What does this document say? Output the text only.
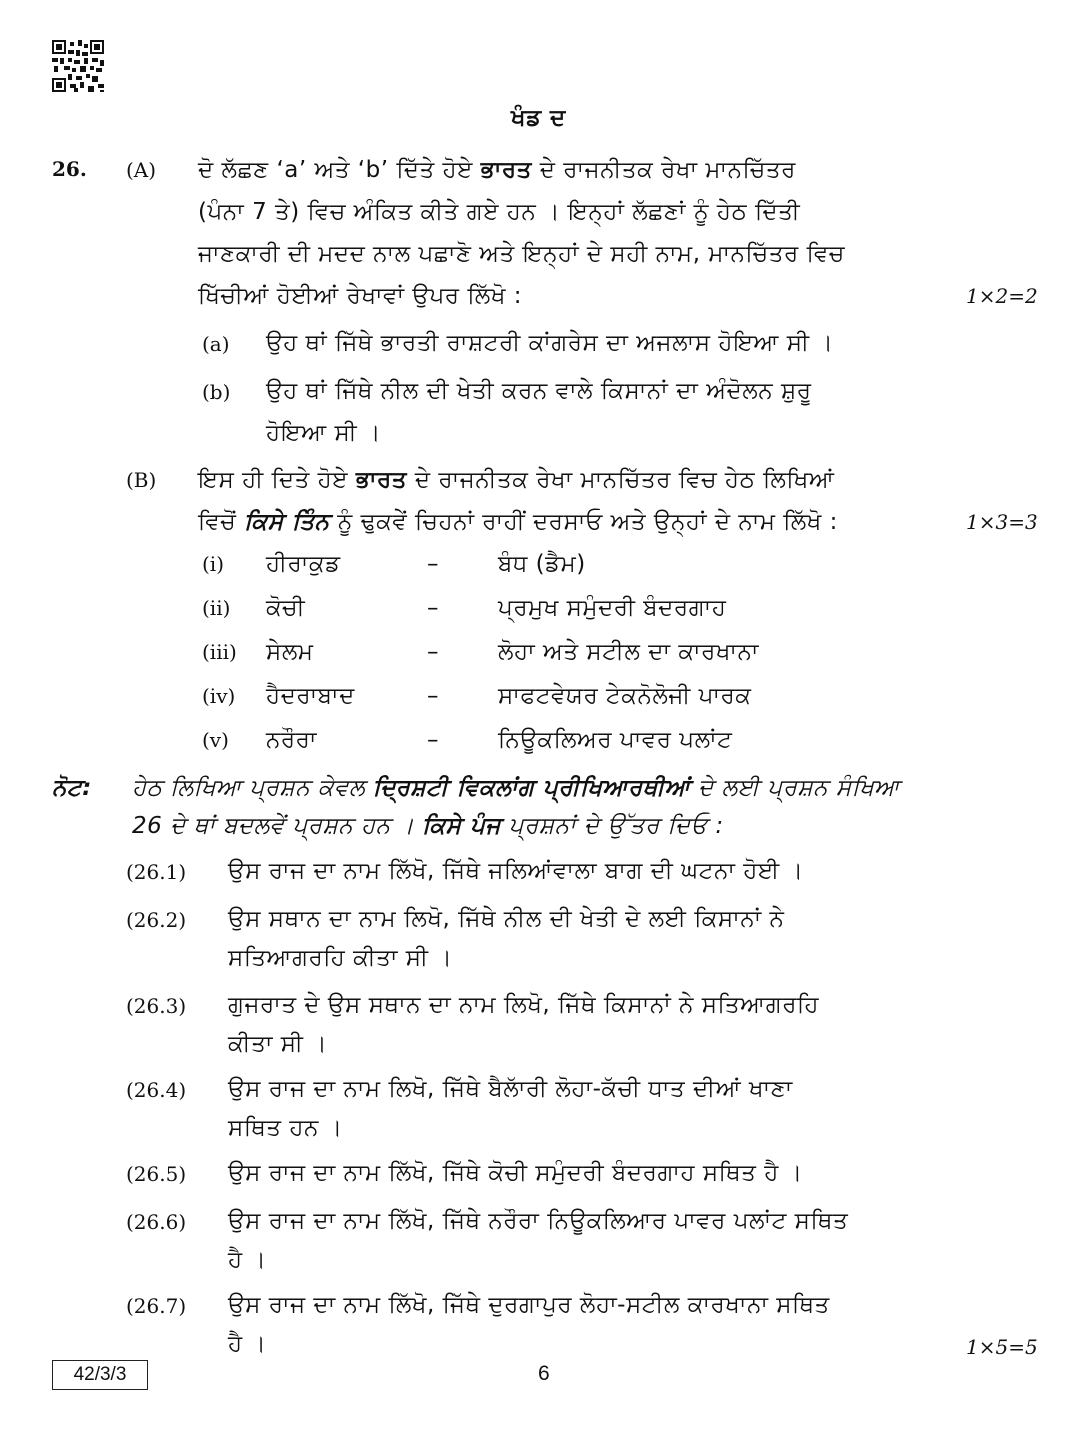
ਖੰਡ ਦ
26. (A) ਦੋ ਲੱਛਣ ‘a’ ਅਤੇ ‘b’ ਦਿੱਤੇ ਹੋਏ ਭਾਰਤ ਦੇ ਰਾਜਨੀਤਕ ਰੇਖਾ ਮਾਨਚਿੱਤਰ
(ਪੰਨਾ 7 ਤੇ) ਵਿਚ ਅੰਕਿਤ ਕੀਤੇ ਗਏ ਹਨ । ਇਨ੍ਹਾਂ ਲੱਛਣਾਂ ਨੂੰ ਹੇਠ ਦਿੱਤੀ
ਜਾਣਕਾਰੀ ਦੀ ਮਦਦ ਨਾਲ ਪਛਾਣੋ ਅਤੇ ਇਨ੍ਹਾਂ ਦੇ ਸਹੀ ਨਾਮ, ਮਾਨਚਿੱਤਰ ਵਿਚ
ਖਿੱਚੀਆਂ ਹੋਈਆਂ ਰੇਖਾਵਾਂ ਉਪਰ ਲਿੱਖੋ :	1×2=2
(a) ਉਹ ਥਾਂ ਜਿੱਥੇ ਭਾਰਤੀ ਰਾਸ਼ਟਰੀ ਕਾਂਗਰੇਸ ਦਾ ਅਜਲਾਸ ਹੋਇਆ ਸੀ ।
(b) ਉਹ ਥਾਂ ਜਿੱਥੇ ਨੀਲ ਦੀ ਖੇਤੀ ਕਰਨ ਵਾਲੇ ਕਿਸਾਨਾਂ ਦਾ ਅੰਦੋਲਨ ਸ਼ੁਰੂ
ਹੋਇਆ ਸੀ ।
(B) ਇਸ ਹੀ ਦਿਤੇ ਹੋਏ ਭਾਰਤ ਦੇ ਰਾਜਨੀਤਕ ਰੇਖਾ ਮਾਨਚਿੱਤਰ ਵਿਚ ਹੇਠ ਲਿਖਿਆਂ
ਵਿਚੋਂ ਕਿਸੇ ਤਿੰਨ ਨੂੰ ਢੁਕਵੇਂ ਚਿਹਨਾਂ ਰਾਹੀਂ ਦਰਸਾਓ ਅਤੇ ਉਨ੍ਹਾਂ ਦੇ ਨਾਮ ਲਿੱਖੋ :	1×3=3
(i) ਹੀਰਾਕੁਡ	–	ਬੰਧ (ਡੈਮ)
(ii) ਕੋਚੀ	–	ਪ੍ਰਮੁਖ ਸਮੁੰਦਰੀ ਬੰਦਰਗਾਹ
(iii) ਸੇਲਮ	–	ਲੋਹਾ ਅਤੇ ਸਟੀਲ ਦਾ ਕਾਰਖਾਨਾ
(iv) ਹੈਦਰਾਬਾਦ	–	ਸਾਫਟਵੇਯਰ ਟੇਕਨੋਲੋਜੀ ਪਾਰਕ
(v) ਨਰੌਰਾ	–	ਨਿਊਕਲਿਅਰ ਪਾਵਰ ਪਲਾਂਟ
ਨੋਟ: ਹੇਠ ਲਿਖਿਆ ਪ੍ਰਸ਼ਨ ਕੇਵਲ ਦ੍ਰਿਸ਼ਟੀ ਵਿਕਲਾਂਗ ਪ੍ਰੀਖਿਆਰਥੀਆਂ ਦੇ ਲਈ ਪ੍ਰਸ਼ਨ ਸੰਖਿਆ
26 ਦੇ ਥਾਂ ਬਦਲਵੇਂ ਪ੍ਰਸ਼ਨ ਹਨ । ਕਿਸੇ ਪੰਜ ਪ੍ਰਸ਼ਨਾਂ ਦੇ ਉੱਤਰ ਦਿਓ :
(26.1) ਉਸ ਰਾਜ ਦਾ ਨਾਮ ਲਿੱਖੋ, ਜਿੱਥੇ ਜਲਿਆਂਵਾਲਾ ਬਾਗ ਦੀ ਘਟਨਾ ਹੋਈ ।
(26.2) ਉਸ ਸਥਾਨ ਦਾ ਨਾਮ ਲਿਖੋ, ਜਿੱਥੇ ਨੀਲ ਦੀ ਖੇਤੀ ਦੇ ਲਈ ਕਿਸਾਨਾਂ ਨੇ
ਸਤਿਆਗਰਹਿ ਕੀਤਾ ਸੀ ।
(26.3) ਗੁਜਰਾਤ ਦੇ ਉਸ ਸਥਾਨ ਦਾ ਨਾਮ ਲਿਖੋ, ਜਿੱਥੇ ਕਿਸਾਨਾਂ ਨੇ ਸਤਿਆਗਰਹਿ
ਕੀਤਾ ਸੀ ।
(26.4) ਉਸ ਰਾਜ ਦਾ ਨਾਮ ਲਿਖੋ, ਜਿੱਥੇ ਬੈਲਾੱਰੀ ਲੋਹਾ-ਕੱਚੀ ਧਾਤ ਦੀਆਂ ਖਾਣਾ
ਸਥਿਤ ਹਨ ।
(26.5) ਉਸ ਰਾਜ ਦਾ ਨਾਮ ਲਿੱਖੋ, ਜਿੱਥੇ ਕੋਚੀ ਸਮੁੰਦਰੀ ਬੰਦਰਗਾਹ ਸਥਿਤ ਹੈ ।
(26.6) ਉਸ ਰਾਜ ਦਾ ਨਾਮ ਲਿੱਖੋ, ਜਿੱਥੇ ਨਰੌਰਾ ਨਿਊਕਲਿਆਰ ਪਾਵਰ ਪਲਾਂਟ ਸਥਿਤ
ਹੈ ।
(26.7) ਉਸ ਰਾਜ ਦਾ ਨਾਮ ਲਿੱਖੋ, ਜਿੱਥੇ ਦੁਰਗਾਪੁਰ ਲੋਹਾ-ਸਟੀਲ ਕਾਰਖਾਨਾ ਸਥਿਤ
ਹੈ ।	1×5=5
42/3/3	6
